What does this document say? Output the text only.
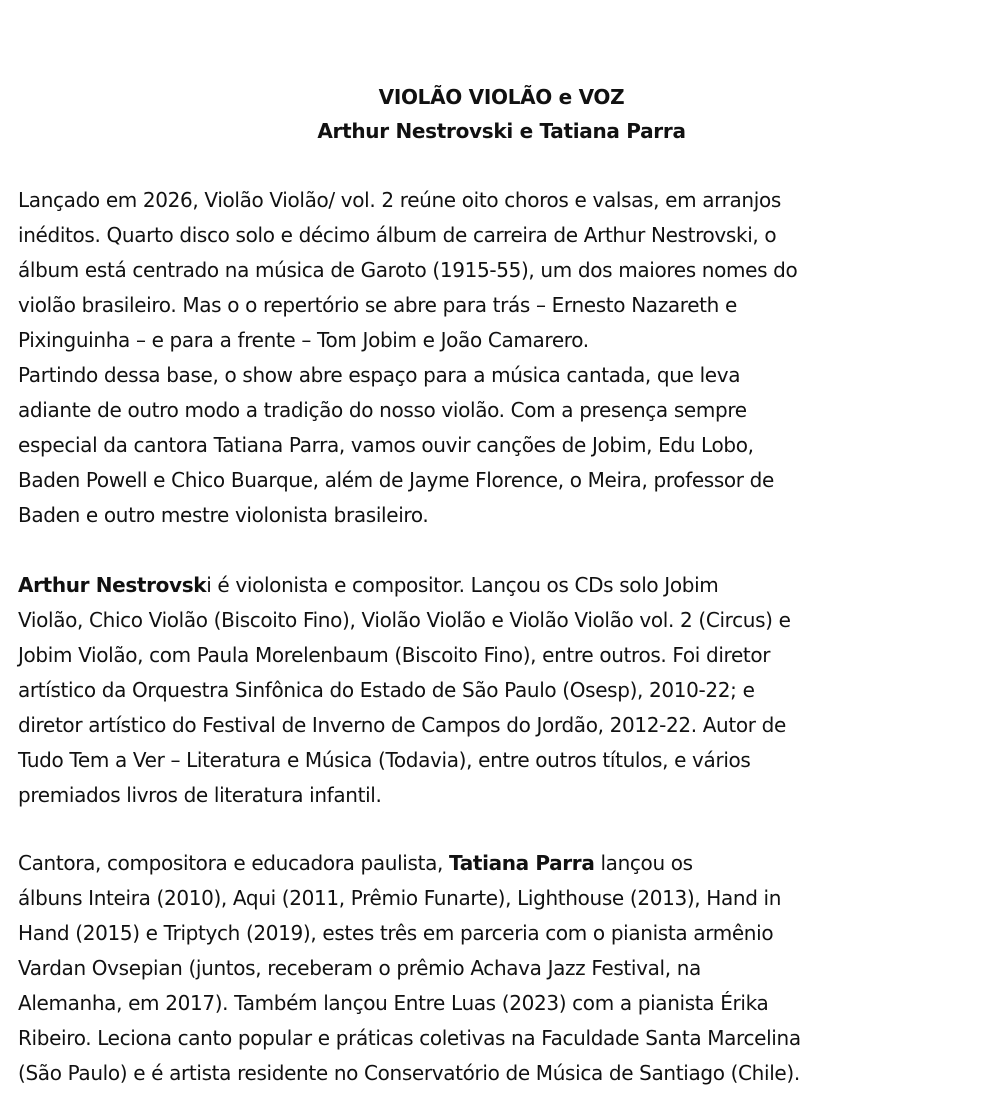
VIOLÃO VIOLÃO e VOZ
Arthur Nestrovski e Tatiana Parra
Lançado em 2026, Violão Violão/ vol. 2 reúne oito choros e valsas, em arranjos
inéditos. Quarto disco solo e décimo álbum de carreira de Arthur Nestrovski, o
álbum está centrado na música de Garoto (1915-55), um dos maiores nomes do
violão brasileiro. Mas o o repertório se abre para trás – Ernesto Nazareth e
Pixinguinha – e para a frente – Tom Jobim e João Camarero.
Partindo dessa base, o show abre espaço para a música cantada, que leva
adiante de outro modo a tradição do nosso violão. Com a presença sempre
especial da cantora Tatiana Parra, vamos ouvir canções de Jobim, Edu Lobo,
Baden Powell e Chico Buarque, além de Jayme Florence, o Meira, professor de
Baden e outro mestre violonista brasileiro.
Arthur Nestrovski é violonista e compositor. Lançou os CDs solo Jobim
Violão, Chico Violão (Biscoito Fino), Violão Violão e Violão Violão vol. 2 (Circus) e
Jobim Violão, com Paula Morelenbaum (Biscoito Fino), entre outros. Foi diretor
artístico da Orquestra Sinfônica do Estado de São Paulo (Osesp), 2010-22; e
diretor artístico do Festival de Inverno de Campos do Jordão, 2012-22. Autor de
Tudo Tem a Ver – Literatura e Música (Todavia), entre outros títulos, e vários
premiados livros de literatura infantil.
Cantora, compositora e educadora paulista, Tatiana Parra lançou os
álbuns Inteira (2010), Aqui (2011, Prêmio Funarte), Lighthouse (2013), Hand in
Hand (2015) e Triptych (2019), estes três em parceria com o pianista armênio
Vardan Ovsepian (juntos, receberam o prêmio Achava Jazz Festival, na
Alemanha, em 2017). Também lançou Entre Luas (2023) com a pianista Érika
Ribeiro. Leciona canto popular e práticas coletivas na Faculdade Santa Marcelina
(São Paulo) e é artista residente no Conservatório de Música de Santiago (Chile).
